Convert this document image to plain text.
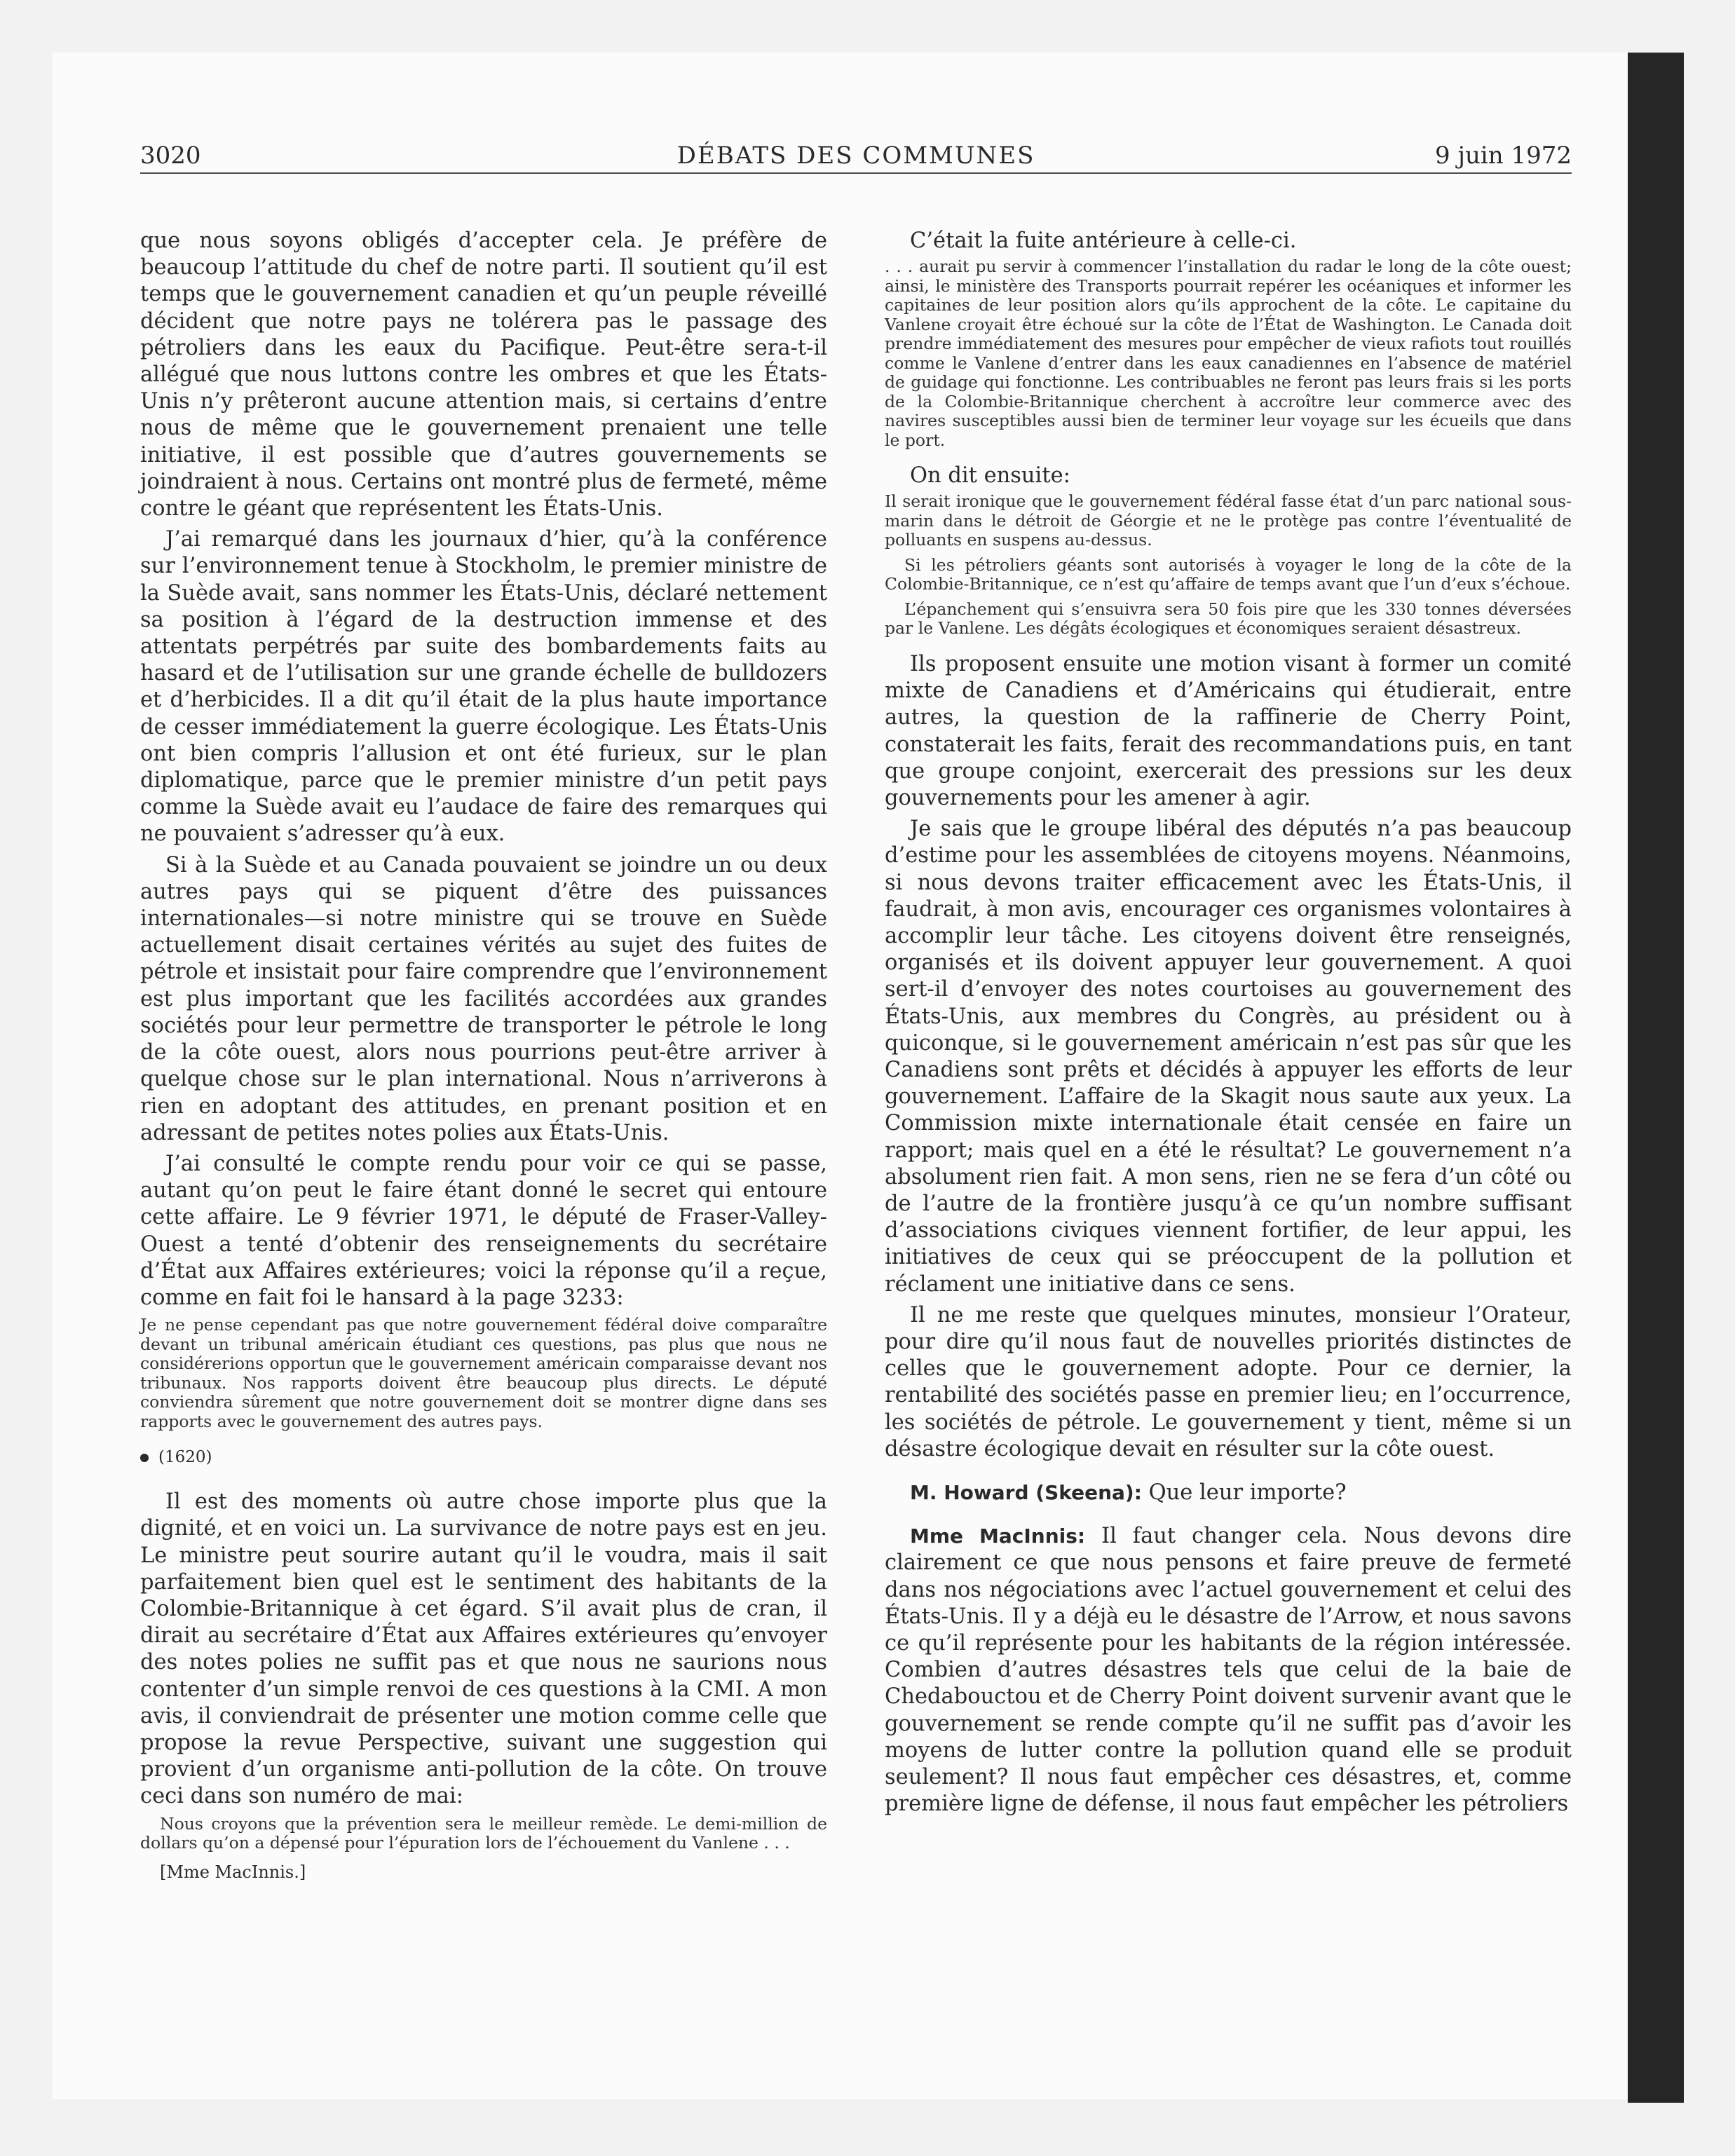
3020	DÉBATS DES COMMUNES	9 juin 1972

que nous soyons obligés d’accepter cela. Je préfère de beaucoup l’attitude du chef de notre parti. Il soutient qu’il est temps que le gouvernement canadien et qu’un peuple réveillé décident que notre pays ne tolérera pas le passage des pétroliers dans les eaux du Pacifique. Peut-être sera-t-il allégué que nous luttons contre les ombres et que les États-Unis n’y prêteront aucune attention mais, si certains d’entre nous de même que le gouvernement prenaient une telle initiative, il est possible que d’autres gouvernements se joindraient à nous. Certains ont montré plus de fermeté, même contre le géant que représentent les États-Unis.

J’ai remarqué dans les journaux d’hier, qu’à la conférence sur l’environnement tenue à Stockholm, le premier ministre de la Suède avait, sans nommer les États-Unis, déclaré nettement sa position à l’égard de la destruction immense et des attentats perpétrés par suite des bombardements faits au hasard et de l’utilisation sur une grande échelle de bulldozers et d’herbicides. Il a dit qu’il était de la plus haute importance de cesser immédiatement la guerre écologique. Les États-Unis ont bien compris l’allusion et ont été furieux, sur le plan diplomatique, parce que le premier ministre d’un petit pays comme la Suède avait eu l’audace de faire des remarques qui ne pouvaient s’adresser qu’à eux.

Si à la Suède et au Canada pouvaient se joindre un ou deux autres pays qui se piquent d’être des puissances internationales—si notre ministre qui se trouve en Suède actuellement disait certaines vérités au sujet des fuites de pétrole et insistait pour faire comprendre que l’environnement est plus important que les facilités accordées aux grandes sociétés pour leur permettre de transporter le pétrole le long de la côte ouest, alors nous pourrions peut-être arriver à quelque chose sur le plan international. Nous n’arriverons à rien en adoptant des attitudes, en prenant position et en adressant de petites notes polies aux États-Unis.

J’ai consulté le compte rendu pour voir ce qui se passe, autant qu’on peut le faire étant donné le secret qui entoure cette affaire. Le 9 février 1971, le député de Fraser-Valley-Ouest a tenté d’obtenir des renseignements du secrétaire d’État aux Affaires extérieures; voici la réponse qu’il a reçue, comme en fait foi le hansard à la page 3233:

Je ne pense cependant pas que notre gouvernement fédéral doive comparaître devant un tribunal américain étudiant ces questions, pas plus que nous ne considérerions opportun que le gouvernement américain comparaisse devant nos tribunaux. Nos rapports doivent être beaucoup plus directs. Le député conviendra sûrement que notre gouvernement doit se montrer digne dans ses rapports avec le gouvernement des autres pays.

(1620)

Il est des moments où autre chose importe plus que la dignité, et en voici un. La survivance de notre pays est en jeu. Le ministre peut sourire autant qu’il le voudra, mais il sait parfaitement bien quel est le sentiment des habitants de la Colombie-Britannique à cet égard. S’il avait plus de cran, il dirait au secrétaire d’État aux Affaires extérieures qu’envoyer des notes polies ne suffit pas et que nous ne saurions nous contenter d’un simple renvoi de ces questions à la CMI. A mon avis, il conviendrait de présenter une motion comme celle que propose la revue Perspective, suivant une suggestion qui provient d’un organisme anti-pollution de la côte. On trouve ceci dans son numéro de mai:

Nous croyons que la prévention sera le meilleur remède. Le demi-million de dollars qu’on a dépensé pour l’épuration lors de l’échouement du Vanlene . . .

[Mme MacInnis.]

C’était la fuite antérieure à celle-ci.

. . . aurait pu servir à commencer l’installation du radar le long de la côte ouest; ainsi, le ministère des Transports pourrait repérer les océaniques et informer les capitaines de leur position alors qu’ils approchent de la côte. Le capitaine du Vanlene croyait être échoué sur la côte de l’État de Washington. Le Canada doit prendre immédiatement des mesures pour empêcher de vieux rafiots tout rouillés comme le Vanlene d’entrer dans les eaux canadiennes en l’absence de matériel de guidage qui fonctionne. Les contribuables ne feront pas leurs frais si les ports de la Colombie-Britannique cherchent à accroître leur commerce avec des navires susceptibles aussi bien de terminer leur voyage sur les écueils que dans le port.

On dit ensuite:

Il serait ironique que le gouvernement fédéral fasse état d’un parc national sous-marin dans le détroit de Géorgie et ne le protège pas contre l’éventualité de polluants en suspens au-dessus.

Si les pétroliers géants sont autorisés à voyager le long de la côte de la Colombie-Britannique, ce n’est qu’affaire de temps avant que l’un d’eux s’échoue.

L’épanchement qui s’ensuivra sera 50 fois pire que les 330 tonnes déversées par le Vanlene. Les dégâts écologiques et économiques seraient désastreux.

Ils proposent ensuite une motion visant à former un comité mixte de Canadiens et d’Américains qui étudierait, entre autres, la question de la raffinerie de Cherry Point, constaterait les faits, ferait des recommandations puis, en tant que groupe conjoint, exercerait des pressions sur les deux gouvernements pour les amener à agir.

Je sais que le groupe libéral des députés n’a pas beaucoup d’estime pour les assemblées de citoyens moyens. Néanmoins, si nous devons traiter efficacement avec les États-Unis, il faudrait, à mon avis, encourager ces organismes volontaires à accomplir leur tâche. Les citoyens doivent être renseignés, organisés et ils doivent appuyer leur gouvernement. A quoi sert-il d’envoyer des notes courtoises au gouvernement des États-Unis, aux membres du Congrès, au président ou à quiconque, si le gouvernement américain n’est pas sûr que les Canadiens sont prêts et décidés à appuyer les efforts de leur gouvernement. L’affaire de la Skagit nous saute aux yeux. La Commission mixte internationale était censée en faire un rapport; mais quel en a été le résultat? Le gouvernement n’a absolument rien fait. A mon sens, rien ne se fera d’un côté ou de l’autre de la frontière jusqu’à ce qu’un nombre suffisant d’associations civiques viennent fortifier, de leur appui, les initiatives de ceux qui se préoccupent de la pollution et réclament une initiative dans ce sens.

Il ne me reste que quelques minutes, monsieur l’Orateur, pour dire qu’il nous faut de nouvelles priorités distinctes de celles que le gouvernement adopte. Pour ce dernier, la rentabilité des sociétés passe en premier lieu; en l’occurrence, les sociétés de pétrole. Le gouvernement y tient, même si un désastre écologique devait en résulter sur la côte ouest.

M. Howard (Skeena): Que leur importe?

Mme MacInnis: Il faut changer cela. Nous devons dire clairement ce que nous pensons et faire preuve de fermeté dans nos négociations avec l’actuel gouvernement et celui des États-Unis. Il y a déjà eu le désastre de l’Arrow, et nous savons ce qu’il représente pour les habitants de la région intéressée. Combien d’autres désastres tels que celui de la baie de Chedabouctou et de Cherry Point doivent survenir avant que le gouvernement se rende compte qu’il ne suffit pas d’avoir les moyens de lutter contre la pollution quand elle se produit seulement? Il nous faut empêcher ces désastres, et, comme première ligne de défense, il nous faut empêcher les pétroliers
